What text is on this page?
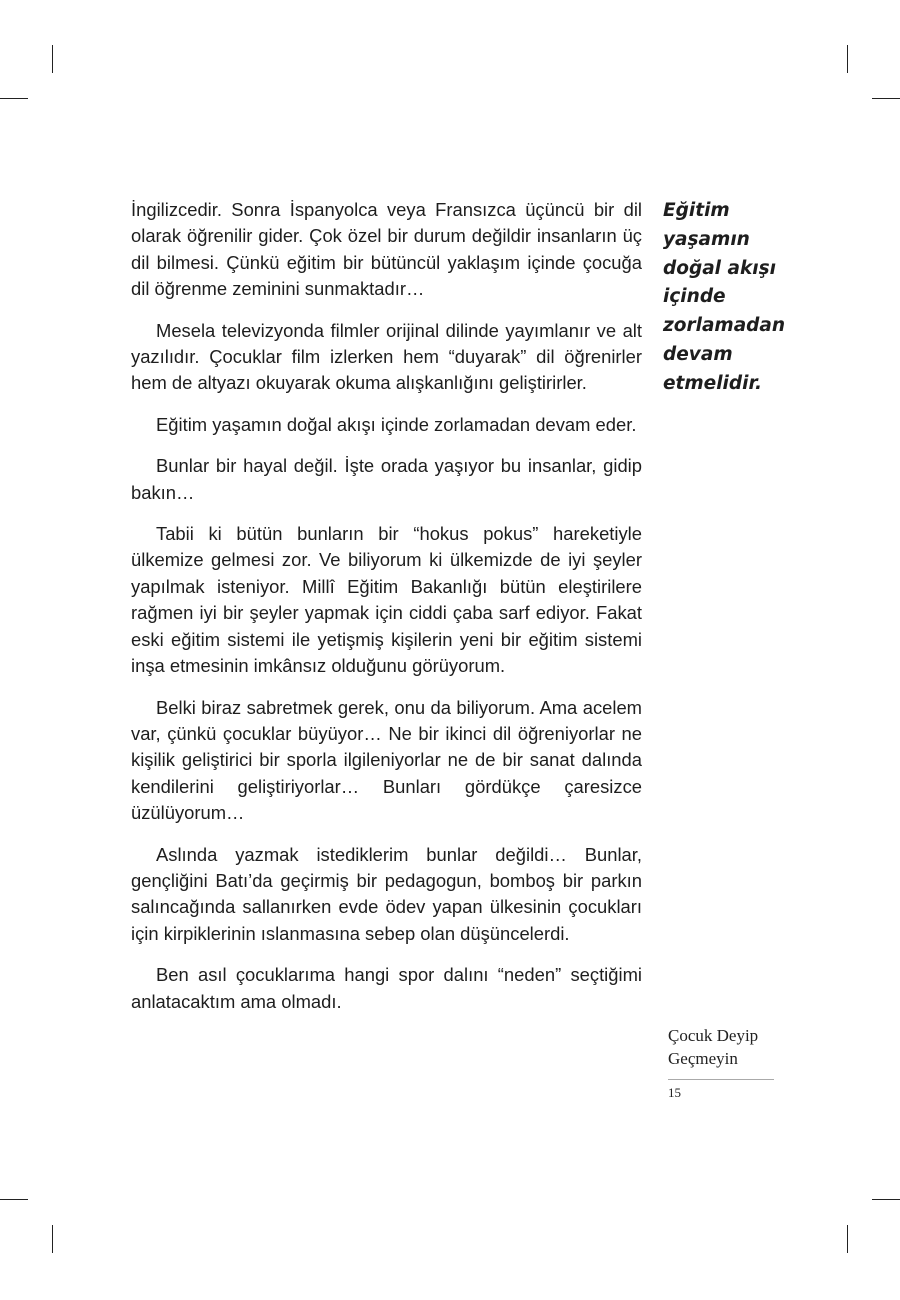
İngilizcedir. Sonra İspanyolca veya Fransızca üçüncü bir dil olarak öğrenilir gider. Çok özel bir durum değildir insanların üç dil bilmesi. Çünkü eğitim bir bütüncül yaklaşım içinde çocuğa dil öğrenme zeminini sunmaktadır…

Mesela televizyonda filmler orijinal dilinde yayımlanır ve alt yazılıdır. Çocuklar film izlerken hem “duyarak” dil öğrenirler hem de altyazı okuyarak okuma alışkanlığını geliştirirler.

Eğitim yaşamın doğal akışı içinde zorlamadan devam eder.

Bunlar bir hayal değil. İşte orada yaşıyor bu insanlar, gidip bakın…

Tabii ki bütün bunların bir “hokus pokus” hareketiyle ülkemize gelmesi zor. Ve biliyorum ki ülkemizde de iyi şeyler yapılmak isteniyor. Millî Eğitim Bakanlığı bütün eleştirilere rağmen iyi bir şeyler yapmak için ciddi çaba sarf ediyor. Fakat eski eğitim sistemi ile yetişmiş kişilerin yeni bir eğitim sistemi inşa etmesinin imkânsız olduğunu görüyorum.

Belki biraz sabretmek gerek, onu da biliyorum. Ama acelem var, çünkü çocuklar büyüyor… Ne bir ikinci dil öğreniyorlar ne kişilik geliştirici bir sporla ilgileniyorlar ne de bir sanat dalında kendilerini geliştiriyorlar… Bunları gördükçe çaresizce üzülüyorum…

Aslında yazmak istediklerim bunlar değildi… Bunlar, gençliğini Batı’da geçirmiş bir pedagogun, bomboş bir parkın salıncağında sallanırken evde ödev yapan ülkesinin çocukları için kirpiklerinin ıslanmasına sebep olan düşüncelerdi.

Ben asıl çocuklarıma hangi spor dalını “neden” seçtiğimi anlatacaktım ama olmadı.

Eğitim
yaşamın
doğal akışı
içinde
zorlamadan
devam
etmelidir.
Çocuk Deyip
Geçmeyin
15
